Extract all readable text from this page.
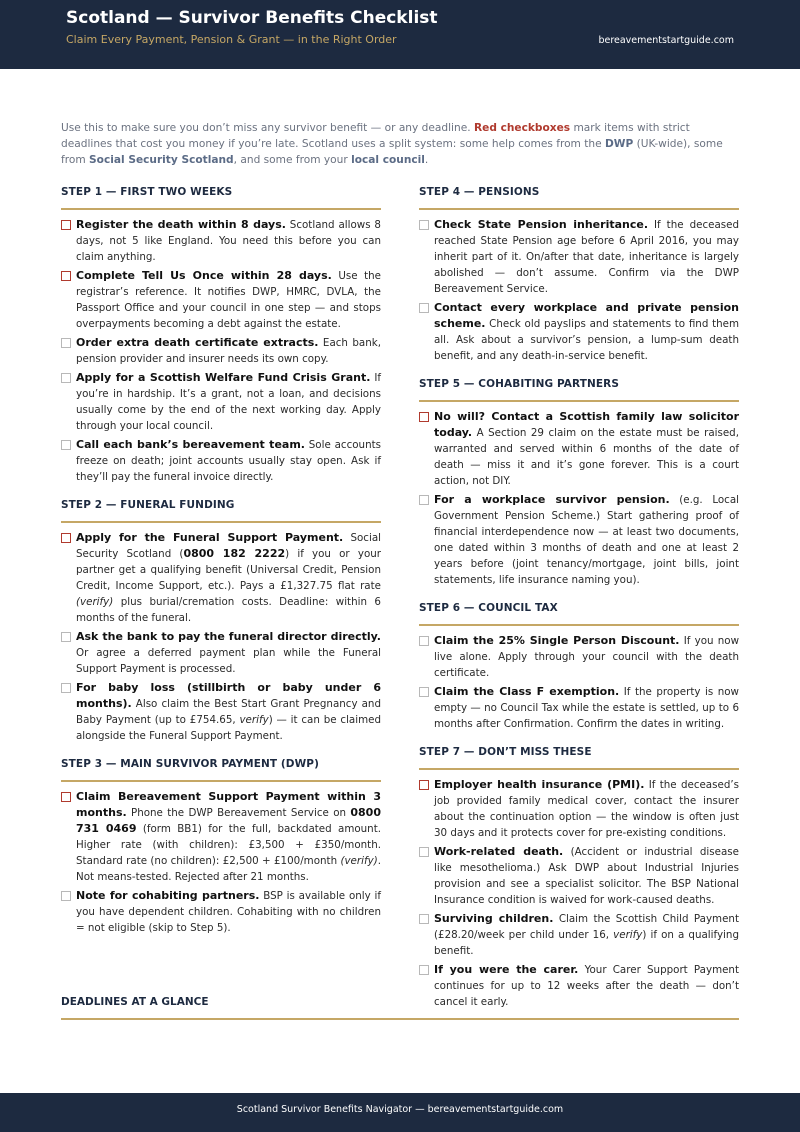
Scotland — Survivor Benefits Checklist
Claim Every Payment, Pension & Grant — in the Right Order	bereavementstartguide.com
Use this to make sure you don’t miss any survivor benefit — or any deadline. Red checkboxes mark items with strict deadlines that cost you money if you’re late. Scotland uses a split system: some help comes from the DWP (UK-wide), some from Social Security Scotland, and some from your local council.
STEP 1 — FIRST TWO WEEKS
Register the death within 8 days. Scotland allows 8 days, not 5 like England. You need this before you can claim anything.
Complete Tell Us Once within 28 days. Use the registrar’s reference. It notifies DWP, HMRC, DVLA, the Passport Office and your council in one step — and stops overpayments becoming a debt against the estate.
Order extra death certificate extracts. Each bank, pension provider and insurer needs its own copy.
Apply for a Scottish Welfare Fund Crisis Grant. If you’re in hardship. It’s a grant, not a loan, and decisions usually come by the end of the next working day. Apply through your local council.
Call each bank’s bereavement team. Sole accounts freeze on death; joint accounts usually stay open. Ask if they’ll pay the funeral invoice directly.
STEP 2 — FUNERAL FUNDING
Apply for the Funeral Support Payment. Social Security Scotland (0800 182 2222) if you or your partner get a qualifying benefit (Universal Credit, Pension Credit, Income Support, etc.). Pays a £1,327.75 flat rate (verify) plus burial/cremation costs. Deadline: within 6 months of the funeral.
Ask the bank to pay the funeral director directly. Or agree a deferred payment plan while the Funeral Support Payment is processed.
For baby loss (stillbirth or baby under 6 months). Also claim the Best Start Grant Pregnancy and Baby Payment (up to £754.65, verify) — it can be claimed alongside the Funeral Support Payment.
STEP 3 — MAIN SURVIVOR PAYMENT (DWP)
Claim Bereavement Support Payment within 3 months. Phone the DWP Bereavement Service on 0800 731 0469 (form BB1) for the full, backdated amount. Higher rate (with children): £3,500 + £350/month. Standard rate (no children): £2,500 + £100/month (verify). Not means-tested. Rejected after 21 months.
Note for cohabiting partners. BSP is available only if you have dependent children. Cohabiting with no children = not eligible (skip to Step 5).
STEP 4 — PENSIONS
Check State Pension inheritance. If the deceased reached State Pension age before 6 April 2016, you may inherit part of it. On/after that date, inheritance is largely abolished — don’t assume. Confirm via the DWP Bereavement Service.
Contact every workplace and private pension scheme. Check old payslips and statements to find them all. Ask about a survivor’s pension, a lump-sum death benefit, and any death-in-service benefit.
STEP 5 — COHABITING PARTNERS
No will? Contact a Scottish family law solicitor today. A Section 29 claim on the estate must be raised, warranted and served within 6 months of the date of death — miss it and it’s gone forever. This is a court action, not DIY.
For a workplace survivor pension. (e.g. Local Government Pension Scheme.) Start gathering proof of financial interdependence now — at least two documents, one dated within 3 months of death and one at least 2 years before (joint tenancy/mortgage, joint bills, joint statements, life insurance naming you).
STEP 6 — COUNCIL TAX
Claim the 25% Single Person Discount. If you now live alone. Apply through your council with the death certificate.
Claim the Class F exemption. If the property is now empty — no Council Tax while the estate is settled, up to 6 months after Confirmation. Confirm the dates in writing.
STEP 7 — DON’T MISS THESE
Employer health insurance (PMI). If the deceased’s job provided family medical cover, contact the insurer about the continuation option — the window is often just 30 days and it protects cover for pre-existing conditions.
Work-related death. (Accident or industrial disease like mesothelioma.) Ask DWP about Industrial Injuries provision and see a specialist solicitor. The BSP National Insurance condition is waived for work-caused deaths.
Surviving children. Claim the Scottish Child Payment (£28.20/week per child under 16, verify) if on a qualifying benefit.
If you were the carer. Your Carer Support Payment continues for up to 12 weeks after the death — don’t cancel it early.
DEADLINES AT A GLANCE
Scotland Survivor Benefits Navigator — bereavementstartguide.com
